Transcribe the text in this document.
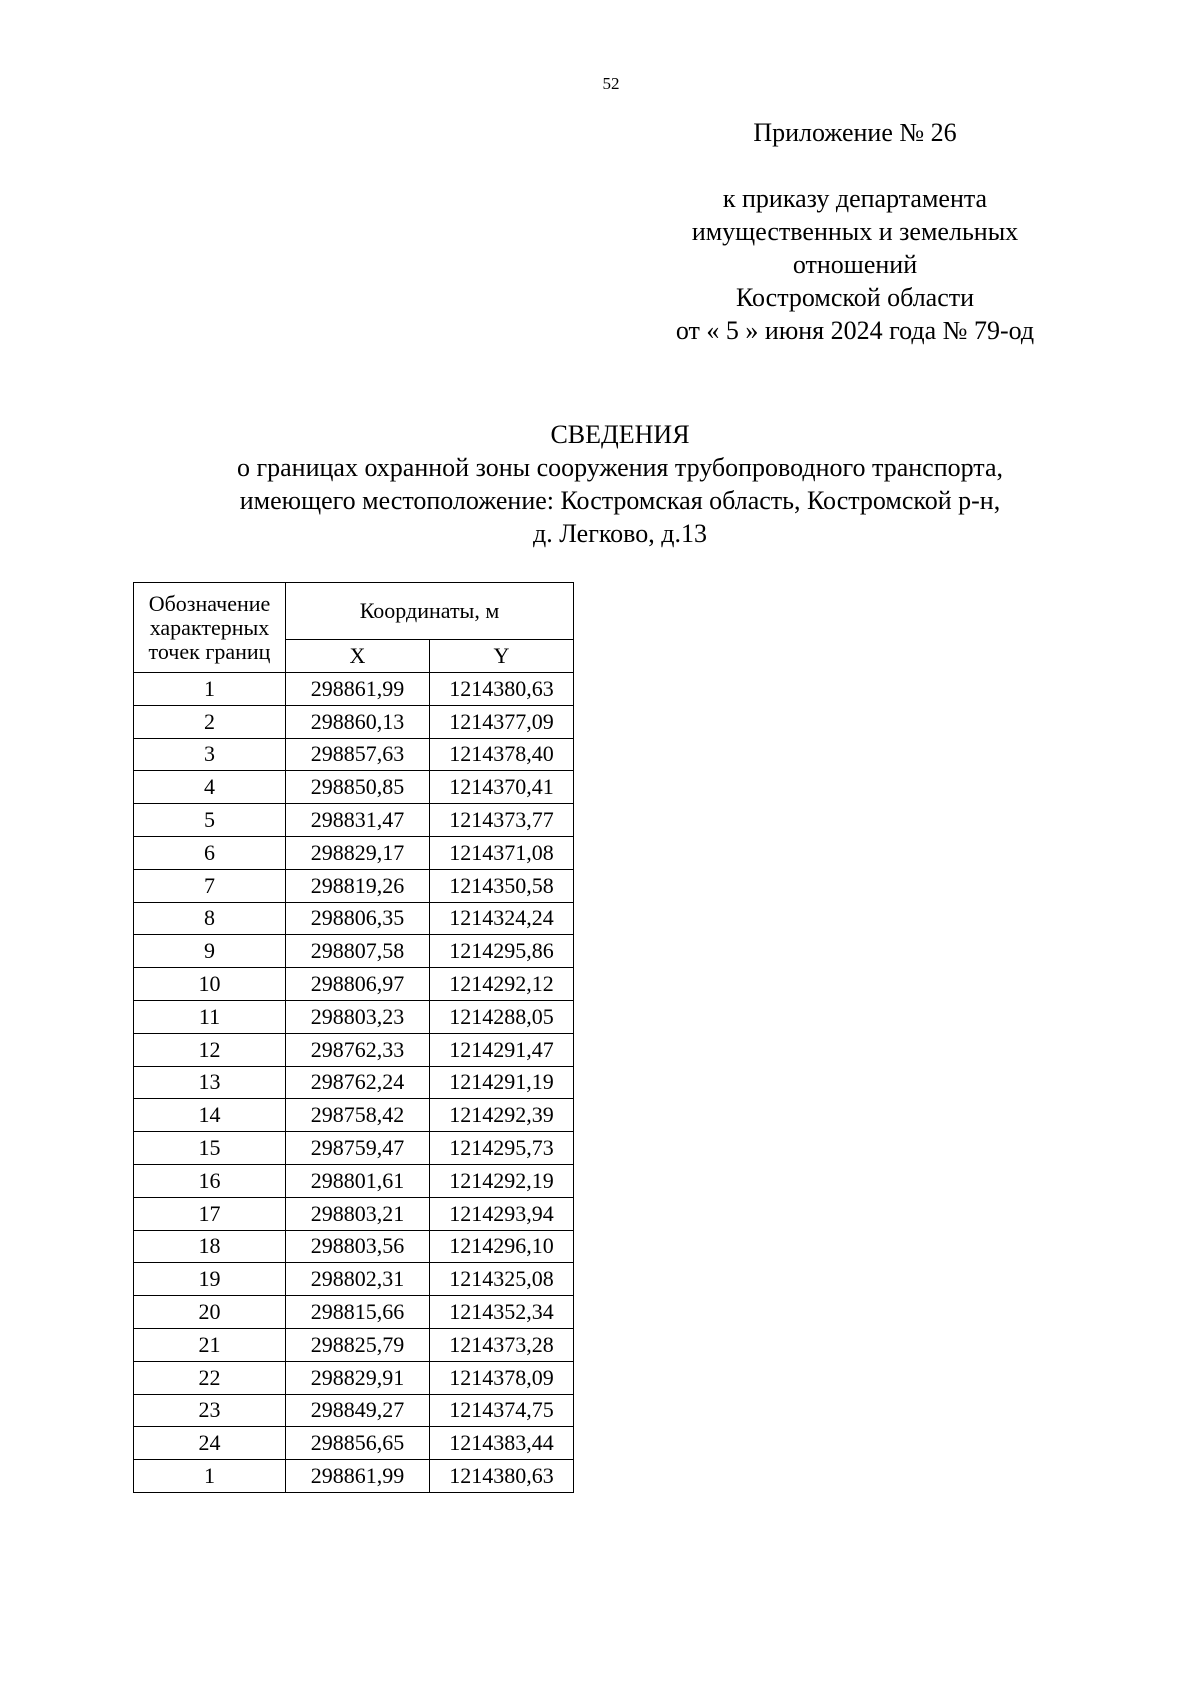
52
Приложение № 26
к приказу департамента
имущественных и земельных
отношений
Костромской области
от « 5 » июня 2024 года № 79-од
СВЕДЕНИЯ
о границах охранной зоны сооружения трубопроводного транспорта,
имеющего местоположение: Костромская область, Костромской р-н,
д. Легково, д.13
Обозначение
характерных
точек границ	Координаты, м	
	X	Y
1	298861,99	1214380,63
2	298860,13	1214377,09
3	298857,63	1214378,40
4	298850,85	1214370,41
5	298831,47	1214373,77
6	298829,17	1214371,08
7	298819,26	1214350,58
8	298806,35	1214324,24
9	298807,58	1214295,86
10	298806,97	1214292,12
11	298803,23	1214288,05
12	298762,33	1214291,47
13	298762,24	1214291,19
14	298758,42	1214292,39
15	298759,47	1214295,73
16	298801,61	1214292,19
17	298803,21	1214293,94
18	298803,56	1214296,10
19	298802,31	1214325,08
20	298815,66	1214352,34
21	298825,79	1214373,28
22	298829,91	1214378,09
23	298849,27	1214374,75
24	298856,65	1214383,44
1	298861,99	1214380,63
